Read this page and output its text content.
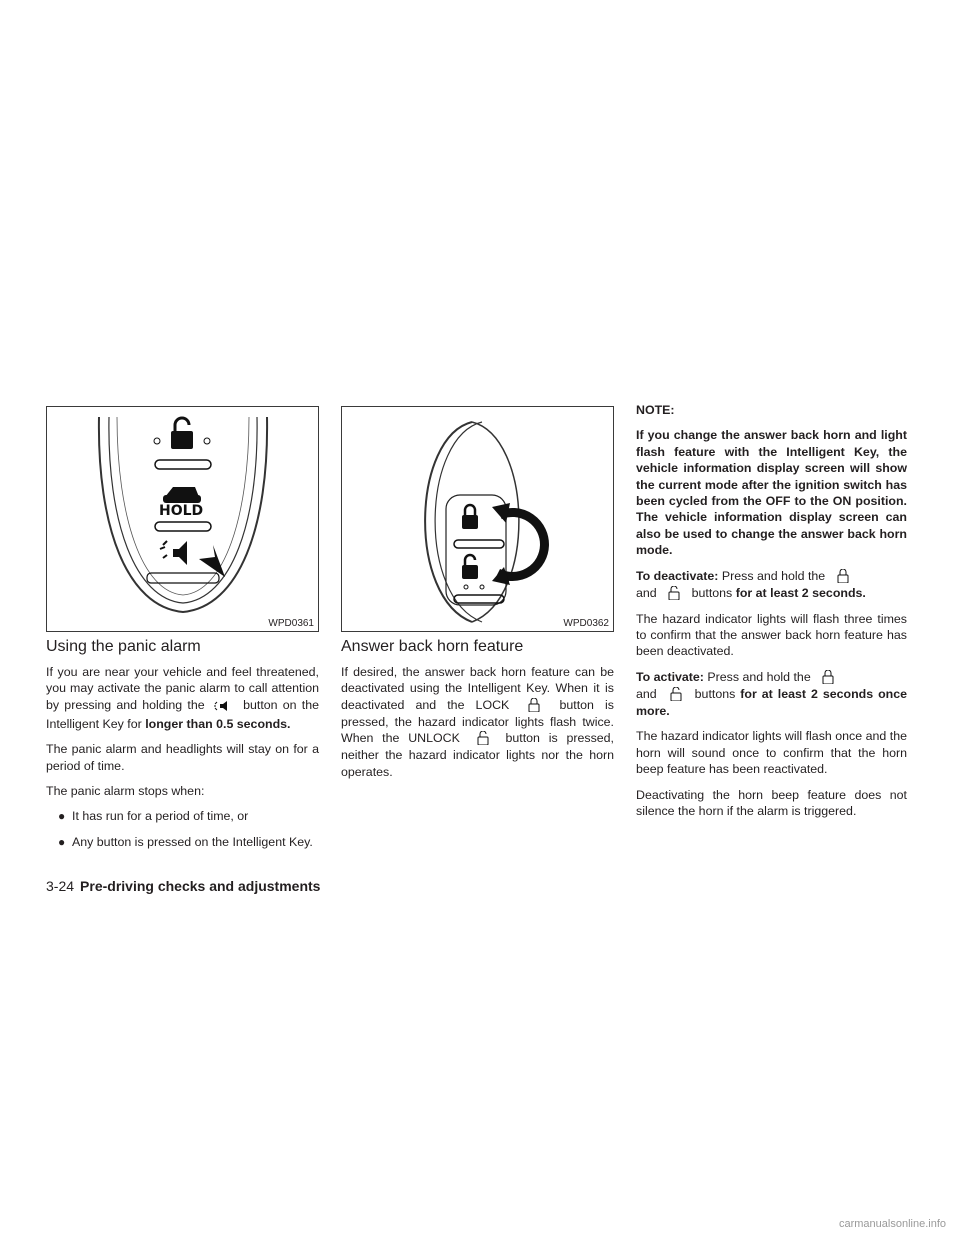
HOLD
WPD0361	WPD0362
Using the panic alarm

If you are near your vehicle and feel threatened, you may activate the panic alarm to call attention by pressing and holding the	button on the Intelligent Key for longer than 0.5 seconds.

The panic alarm and headlights will stay on for a period of time.

The panic alarm stops when:

● It has run for a period of time, or
● Any button is pressed on the Intelligent Key.
Answer back horn feature

If desired, the answer back horn feature can be deactivated using the Intelligent Key. When it is deactivated and the LOCK	button is pressed, the hazard indicator lights flash twice. When the UNLOCK	button is pressed, neither the hazard indicator lights nor the horn operates.

NOTE:

If you change the answer back horn and light flash feature with the Intelligent Key, the vehicle information display screen will show the current mode after the ignition switch has been cycled from the OFF to the ON position. The vehicle information display screen can also be used to change the answer back horn mode.

To deactivate: Press and hold the
and	buttons for at least 2 seconds.

The hazard indicator lights will flash three times to confirm that the answer back horn feature has been deactivated.

To activate: Press and hold the
and	buttons for at least 2 seconds once more.

The hazard indicator lights will flash once and the horn will sound once to confirm that the horn beep feature has been reactivated.

Deactivating the horn beep feature does not silence the horn if the alarm is triggered.

3-24 Pre-driving checks and adjustments
carmanualsonline.info
